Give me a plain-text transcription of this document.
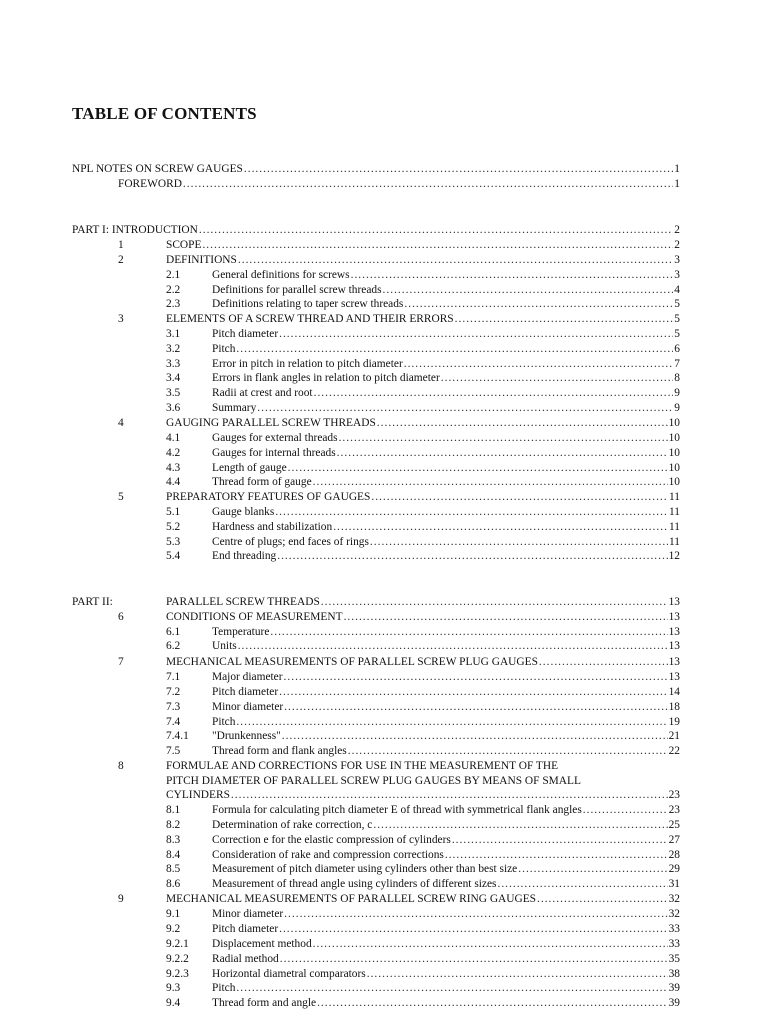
TABLE OF CONTENTS
NPL NOTES ON SCREW GAUGES .....	1
FOREWORD .....	1
PART I: INTRODUCTION .....	2
1	SCOPE .....	2
2	DEFINITIONS .....	3
2.1	General definitions for screws .....	3
2.2	Definitions for parallel screw threads .....	4
2.3	Definitions relating to taper screw threads .....	5
3	ELEMENTS OF A SCREW THREAD AND THEIR ERRORS .....	5
3.1	Pitch diameter .....	5
3.2	Pitch .....	6
3.3	Error in pitch in relation to pitch diameter .....	7
3.4	Errors in flank angles in relation to pitch diameter .....	8
3.5	Radii at crest and root .....	9
3.6	Summary .....	9
4	GAUGING PARALLEL SCREW THREADS .....	10
4.1	Gauges for external threads .....	10
4.2	Gauges for internal threads .....	10
4.3	Length of gauge .....	10
4.4	Thread form of gauge .....	10
5	PREPARATORY FEATURES OF GAUGES .....	11
5.1	Gauge blanks .....	11
5.2	Hardness and stabilization .....	11
5.3	Centre of plugs; end faces of rings .....	11
5.4	End threading .....	12
PART II:	PARALLEL SCREW THREADS .....	13
6	CONDITIONS OF MEASUREMENT .....	13
6.1	Temperature .....	13
6.2	Units .....	13
7	MECHANICAL MEASUREMENTS OF PARALLEL SCREW PLUG GAUGES .....	13
7.1	Major diameter .....	13
7.2	Pitch diameter .....	14
7.3	Minor diameter .....	18
7.4	Pitch .....	19
7.4.1 "Drunkenness" .....	21
7.5	Thread form and flank angles .....	22
8	FORMULAE AND CORRECTIONS FOR USE IN THE MEASUREMENT OF THE
PITCH DIAMETER OF PARALLEL SCREW PLUG GAUGES BY MEANS OF SMALL
CYLINDERS .....	23
8.1	Formula for calculating pitch diameter E of thread with symmetrical flank angles .....	23
8.2	Determination of rake correction, c .....	25
8.3	Correction e for the elastic compression of cylinders .....	27
8.4	Consideration of rake and compression corrections .....	28
8.5	Measurement of pitch diameter using cylinders other than best size .....	29
8.6	Measurement of thread angle using cylinders of different sizes .....	31
9	MECHANICAL MEASUREMENTS OF PARALLEL SCREW RING GAUGES .....	32
9.1	Minor diameter .....	32
9.2	Pitch diameter .....	33
9.2.1 Displacement method .....	33
9.2.2 Radial method .....	35
9.2.3 Horizontal diametral comparators .....	38
9.3	Pitch .....	39
9.4	Thread form and angle .....	39
